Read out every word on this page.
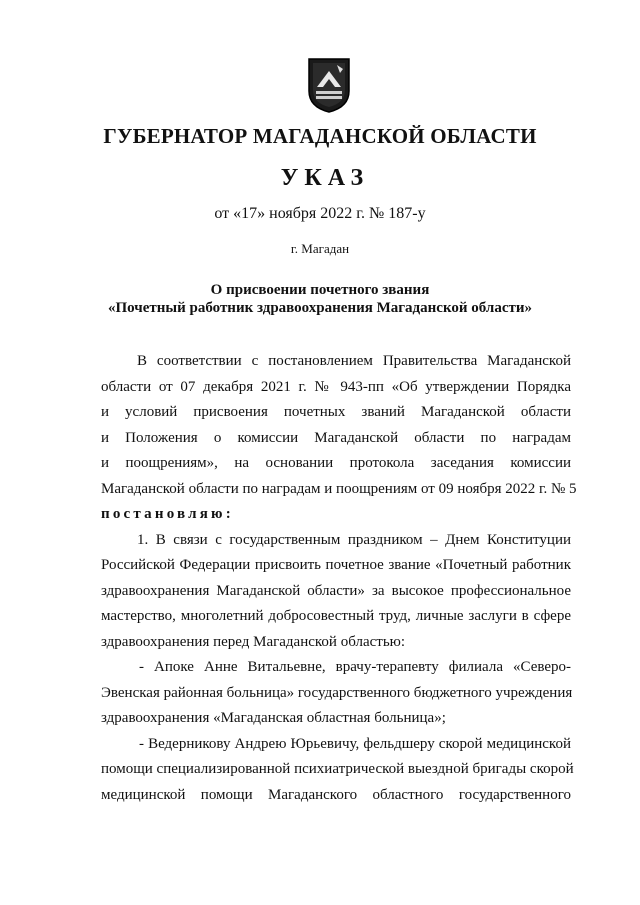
ГУБЕРНАТОР МАГАДАНСКОЙ ОБЛАСТИ
УКАЗ
от «17» ноября 2022 г. № 187-у
г. Магадан
О присвоении почетного звания
«Почетный работник здравоохранения Магаданской области»
В соответствии с постановлением Правительства Магаданской
области от 07 декабря 2021 г. № 943-пп «Об утверждении Порядка
и условий присвоения почетных званий Магаданской области
и Положения о комиссии Магаданской области по наградам
и поощрениям», на основании протокола заседания комиссии
Магаданской области по наградам и поощрениям от 09 ноября 2022 г. № 5
постановляю:
1. В связи с государственным праздником – Днем Конституции
Российской Федерации присвоить почетное звание «Почетный работник
здравоохранения Магаданской области» за высокое профессиональное
мастерство, многолетний добросовестный труд, личные заслуги в сфере
здравоохранения перед Магаданской областью:
- Апоке Анне Витальевне, врачу-терапевту филиала «Северо-
Эвенская районная больница» государственного бюджетного учреждения
здравоохранения «Магаданская областная больница»;
- Ведерникову Андрею Юрьевичу, фельдшеру скорой медицинской
помощи специализированной психиатрической выездной бригады скорой
медицинской помощи Магаданского областного государственного
